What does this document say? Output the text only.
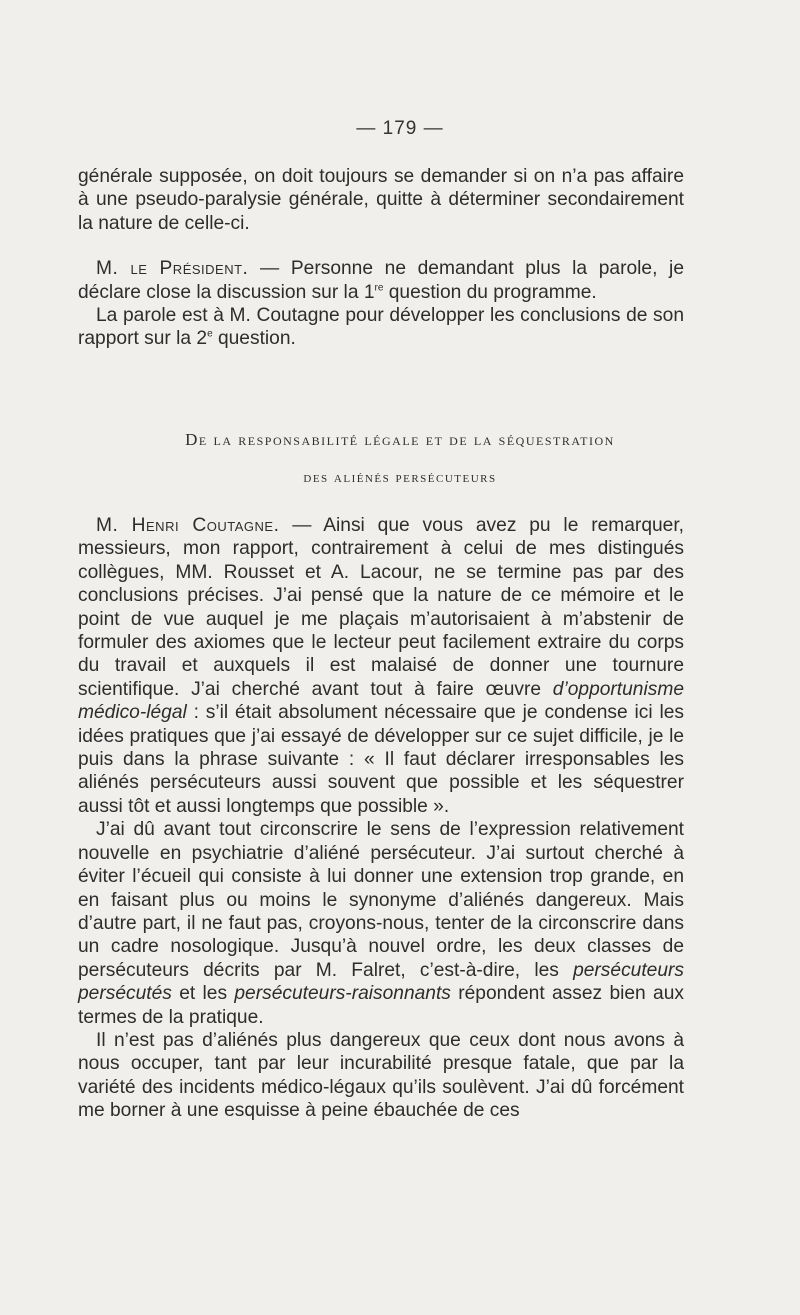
— 179 —

générale supposée, on doit toujours se demander si on n’a pas affaire à une pseudo-paralysie générale, quitte à déterminer secondairement la nature de celle-ci.

M. le Président. — Personne ne demandant plus la parole, je déclare close la discussion sur la 1re question du programme.

La parole est à M. Coutagne pour développer les conclusions de son rapport sur la 2e question.

De la responsabilité légale et de la séquestration
des aliénés persécuteurs

M. Henri Coutagne. — Ainsi que vous avez pu le remarquer, messieurs, mon rapport, contrairement à celui de mes distingués collègues, MM. Rousset et A. Lacour, ne se termine pas par des conclusions précises. J’ai pensé que la nature de ce mémoire et le point de vue auquel je me plaçais m’autorisaient à m’abstenir de formuler des axiomes que le lecteur peut facilement extraire du corps du travail et auxquels il est malaisé de donner une tournure scientifique. J’ai cherché avant tout à faire œuvre d’opportunisme médico-légal : s’il était absolument nécessaire que je condense ici les idées pratiques que j’ai essayé de développer sur ce sujet difficile, je le puis dans la phrase suivante : « Il faut déclarer irresponsables les aliénés persécuteurs aussi souvent que possible et les séquestrer aussi tôt et aussi longtemps que possible ».

J’ai dû avant tout circonscrire le sens de l’expression relativement nouvelle en psychiatrie d’aliéné persécuteur. J’ai surtout cherché à éviter l’écueil qui consiste à lui donner une extension trop grande, en en faisant plus ou moins le synonyme d’aliénés dangereux. Mais d’autre part, il ne faut pas, croyons-nous, tenter de la circonscrire dans un cadre nosologique. Jusqu’à nouvel ordre, les deux classes de persécuteurs décrits par M. Falret, c’est-à-dire, les persécuteurs persécutés et les persécuteurs-raisonnants répondent assez bien aux termes de la pratique.

Il n’est pas d’aliénés plus dangereux que ceux dont nous avons à nous occuper, tant par leur incurabilité presque fatale, que par la variété des incidents médico-légaux qu’ils soulèvent. J’ai dû forcément me borner à une esquisse à peine ébauchée de ces
